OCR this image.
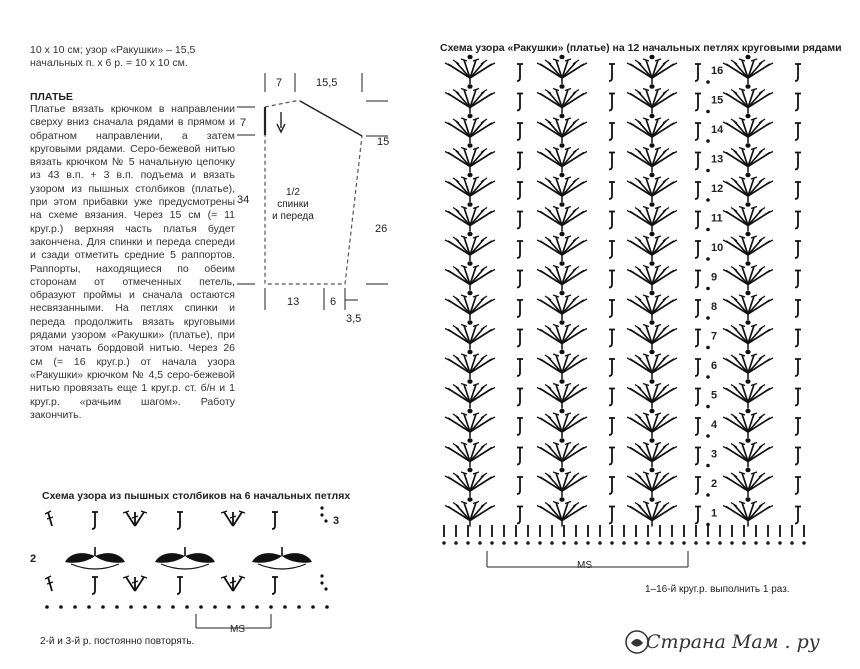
10 х 10 см; узор «Ракушки» – 15,5 начальных п. х 6 р. = 10 х 10 см.
ПЛАТЬЕ
Платье вязать крючком в направлении сверху вниз сначала рядами в прямом и обратном направлении, а затем круговыми рядами. Серо-бежевой нитью вязать крючком № 5 начальную цепочку из 43 в.п. + 3 в.п. подъема и вязать узором из пышных столбиков (платье), при этом прибавки уже предусмотрены на схеме вязания. Через 15 см (= 11 круг.р.) верхняя часть платья будет закончена. Для спинки и переда спереди и сзади отметить средние 5 раппортов. Раппорты, находящиеся по обеим сторонам от отмеченных петель, образуют проймы и сначала остаются несвязанными. На петлях спинки и переда продолжить вязать круговыми рядами узором «Ракушки» (платье), при этом начать бордовой нитью. Через 26 см (= 16 круг.р.) от начала узора «Ракушки» крючком № 4,5 серо-бежевой нитью провязать еще 1 круг.р. ст. б/н и 1 круг.р. «рачьим шагом». Работу закончить.
Схема узора «Ракушки» (платье) на 12 начальных петлях круговыми рядами
Схема узора из пышных столбиков на 6 начальных петлях
1–16-й круг.р. выполнить 1 раз.
2-й и 3-й р. постоянно повторять.
7	15,5
7
15
34
26
13	6
3,5
1/2
спинки
и переда
16
15
14
13
12
11
10
9
8
7
6
5
4
3
2
1
MS
MS
3
2
Страна Мам . ру
